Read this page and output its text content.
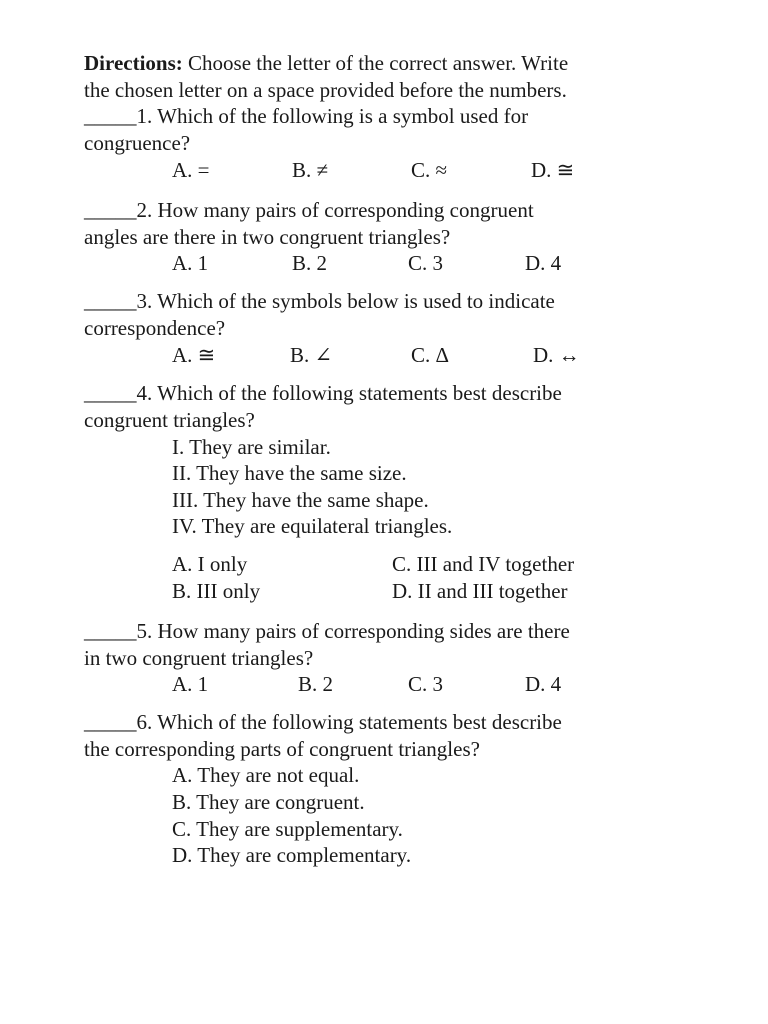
Directions: Choose the letter of the correct answer. Write
the chosen letter on a space provided before the numbers.
_____1. Which of the following is a symbol used for
congruence?
A. =	B. ≠	C. ≈	D. ≅
_____2. How many pairs of corresponding congruent
angles are there in two congruent triangles?
A. 1	B. 2	C. 3	D. 4
_____3. Which of the symbols below is used to indicate
correspondence?
A. ≅	B. ∠	C. Δ	D. ↔
_____4. Which of the following statements best describe
congruent triangles?
I. They are similar.
II. They have the same size.
III. They have the same shape.
IV. They are equilateral triangles.
A. I only	C. III and IV together
B. III only	D. II and III together
_____5. How many pairs of corresponding sides are there
in two congruent triangles?
A. 1	B. 2	C. 3	D. 4
_____6. Which of the following statements best describe
the corresponding parts of congruent triangles?
A. They are not equal.
B. They are congruent.
C. They are supplementary.
D. They are complementary.
